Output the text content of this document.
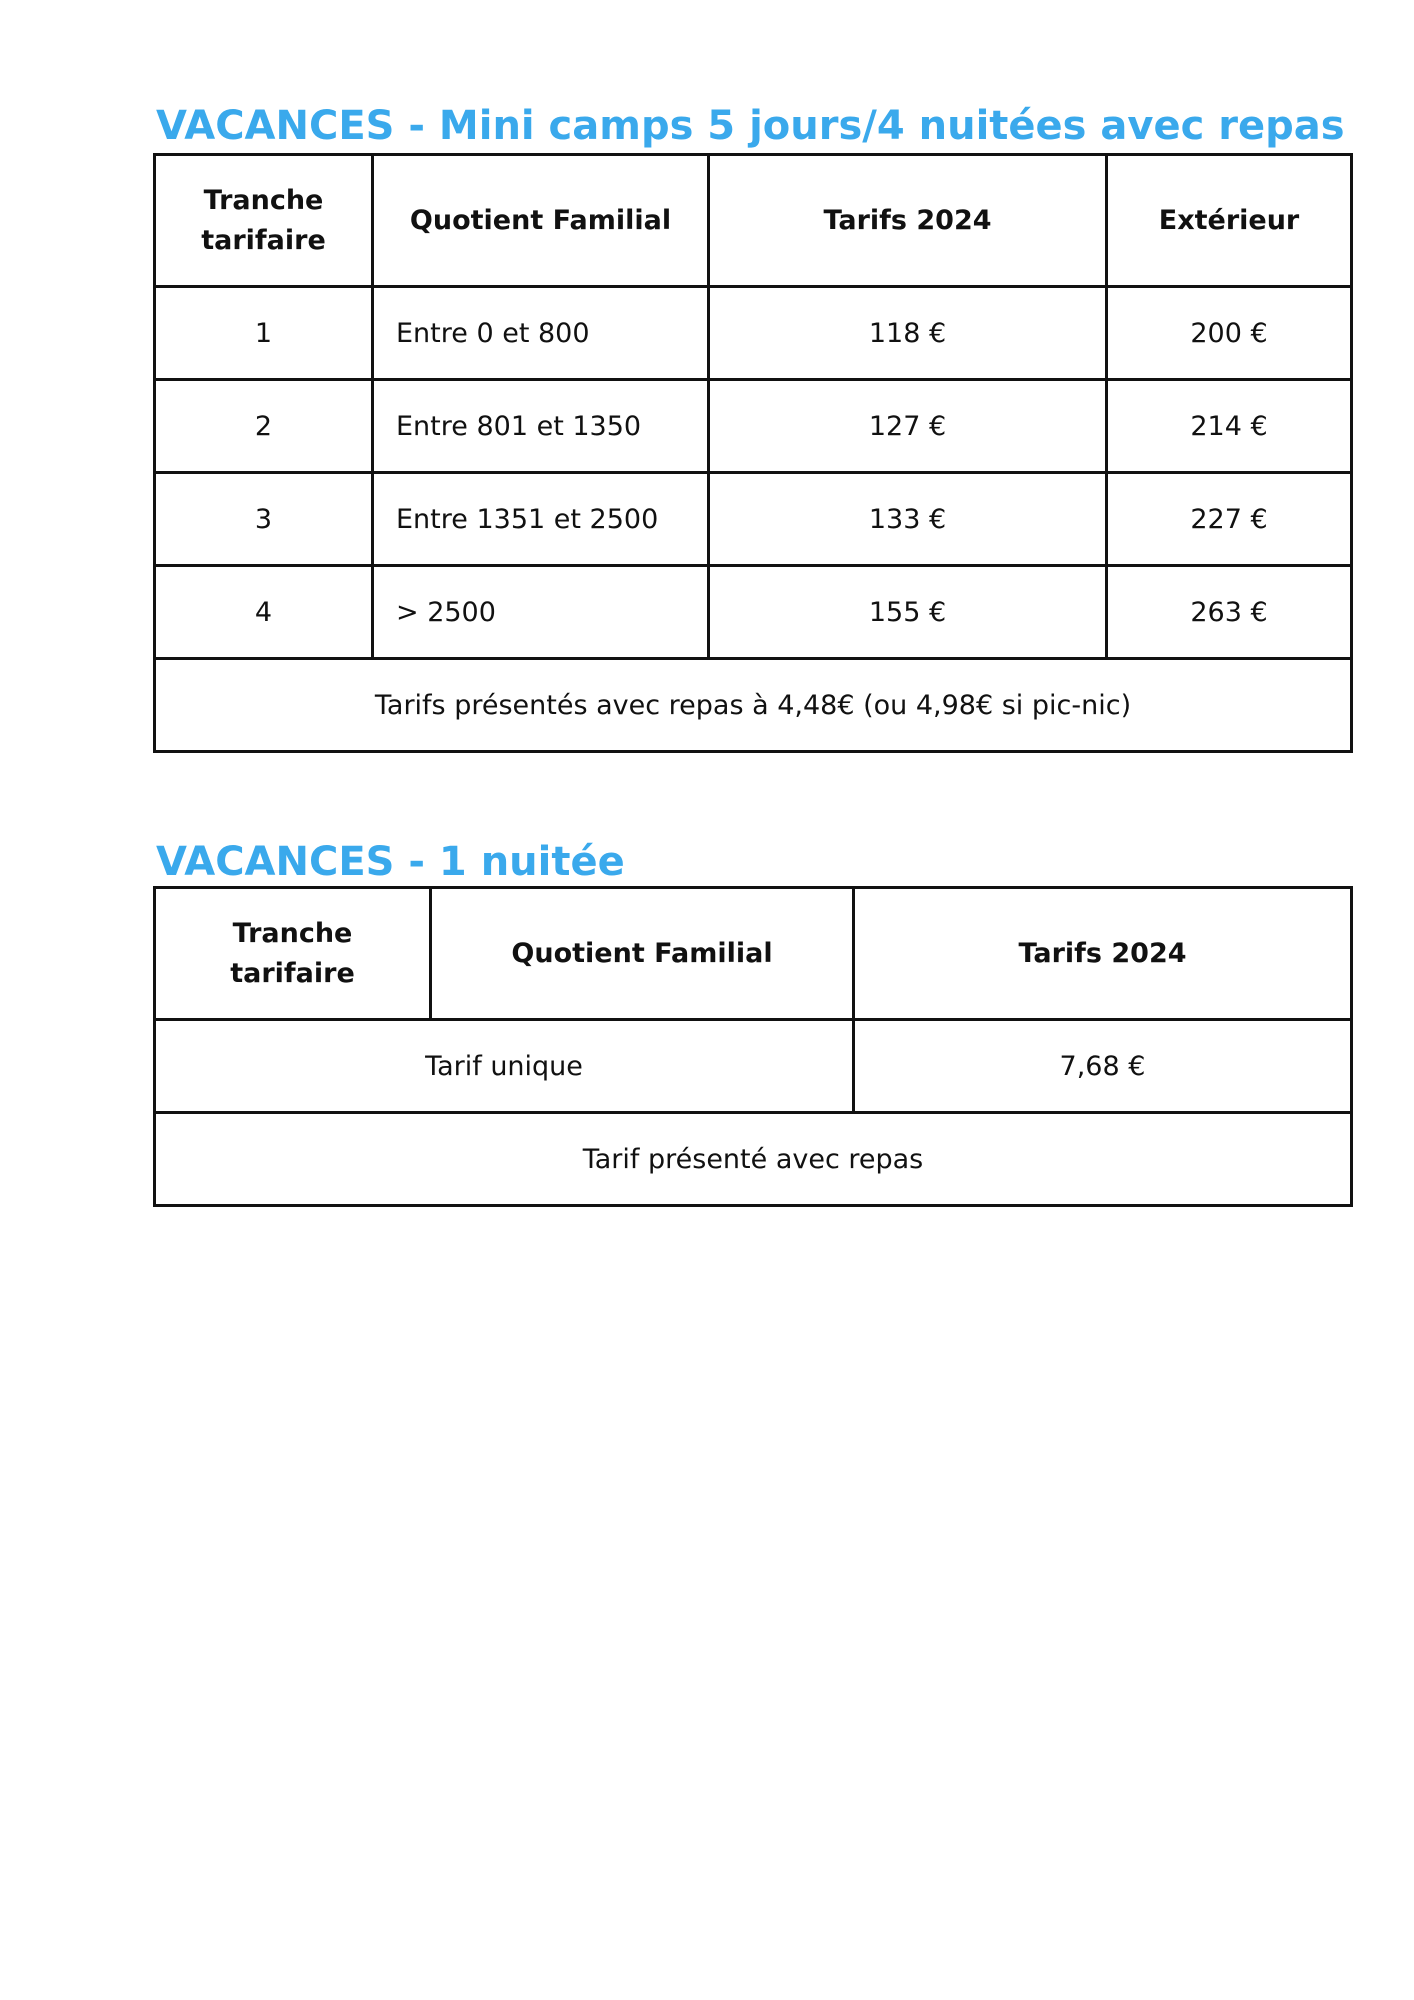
VACANCES - Mini camps 5 jours/4 nuitées avec repas
Tranche tarifaire	Quotient Familial	Tarifs 2024	Extérieur
1	Entre 0 et 800	118 €	200 €
2	Entre 801 et 1350	127 €	214 €
3	Entre 1351 et 2500	133 €	227 €
4	> 2500	155 €	263 €
Tarifs présentés avec repas à 4,48€ (ou 4,98€ si pic-nic)			
VACANCES - 1 nuitée
Tranche tarifaire	Quotient Familial	Tarifs 2024
Tarif unique		7,68 €
Tarif présenté avec repas		
